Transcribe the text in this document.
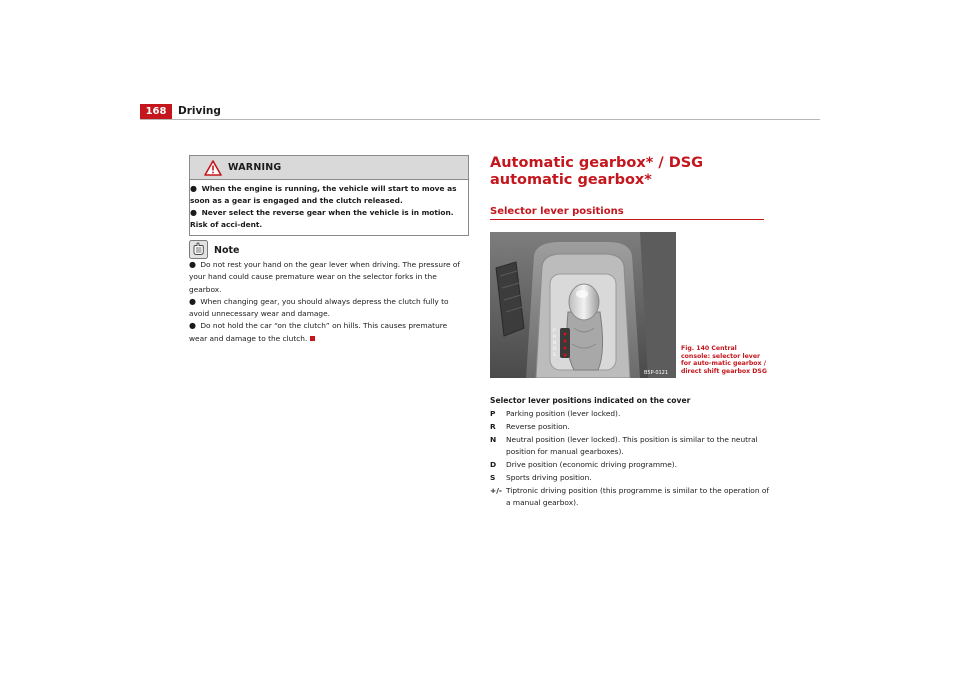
168	Driving
WARNING

● When the engine is running, the vehicle will start to move as soon as a gear is engaged and the clutch released.

● Never select the reverse gear when the vehicle is in motion. Risk of acci-dent.

Note

● Do not rest your hand on the gear lever when driving. The pressure of your hand could cause premature wear on the selector forks in the gearbox.

● When changing gear, you should always depress the clutch fully to avoid unnecessary wear and damage.

● Do not hold the car “on the clutch” on hills. This causes premature wear and damage to the clutch.

Automatic gearbox* / DSG automatic gearbox*
Selector lever positions
B5P-0121
P
R
N
D
S
Fig. 140 Central console: selector lever for auto-matic gearbox / direct shift gearbox DSG
Selector lever positions indicated on the cover
P Parking position (lever locked).
R Reverse position.
N Neutral position (lever locked). This position is similar to the neutral position for manual gearboxes).
D Drive position (economic driving programme).
S Sports driving position.
+/- Tiptronic driving position (this programme is similar to the operation of a manual gearbox).
